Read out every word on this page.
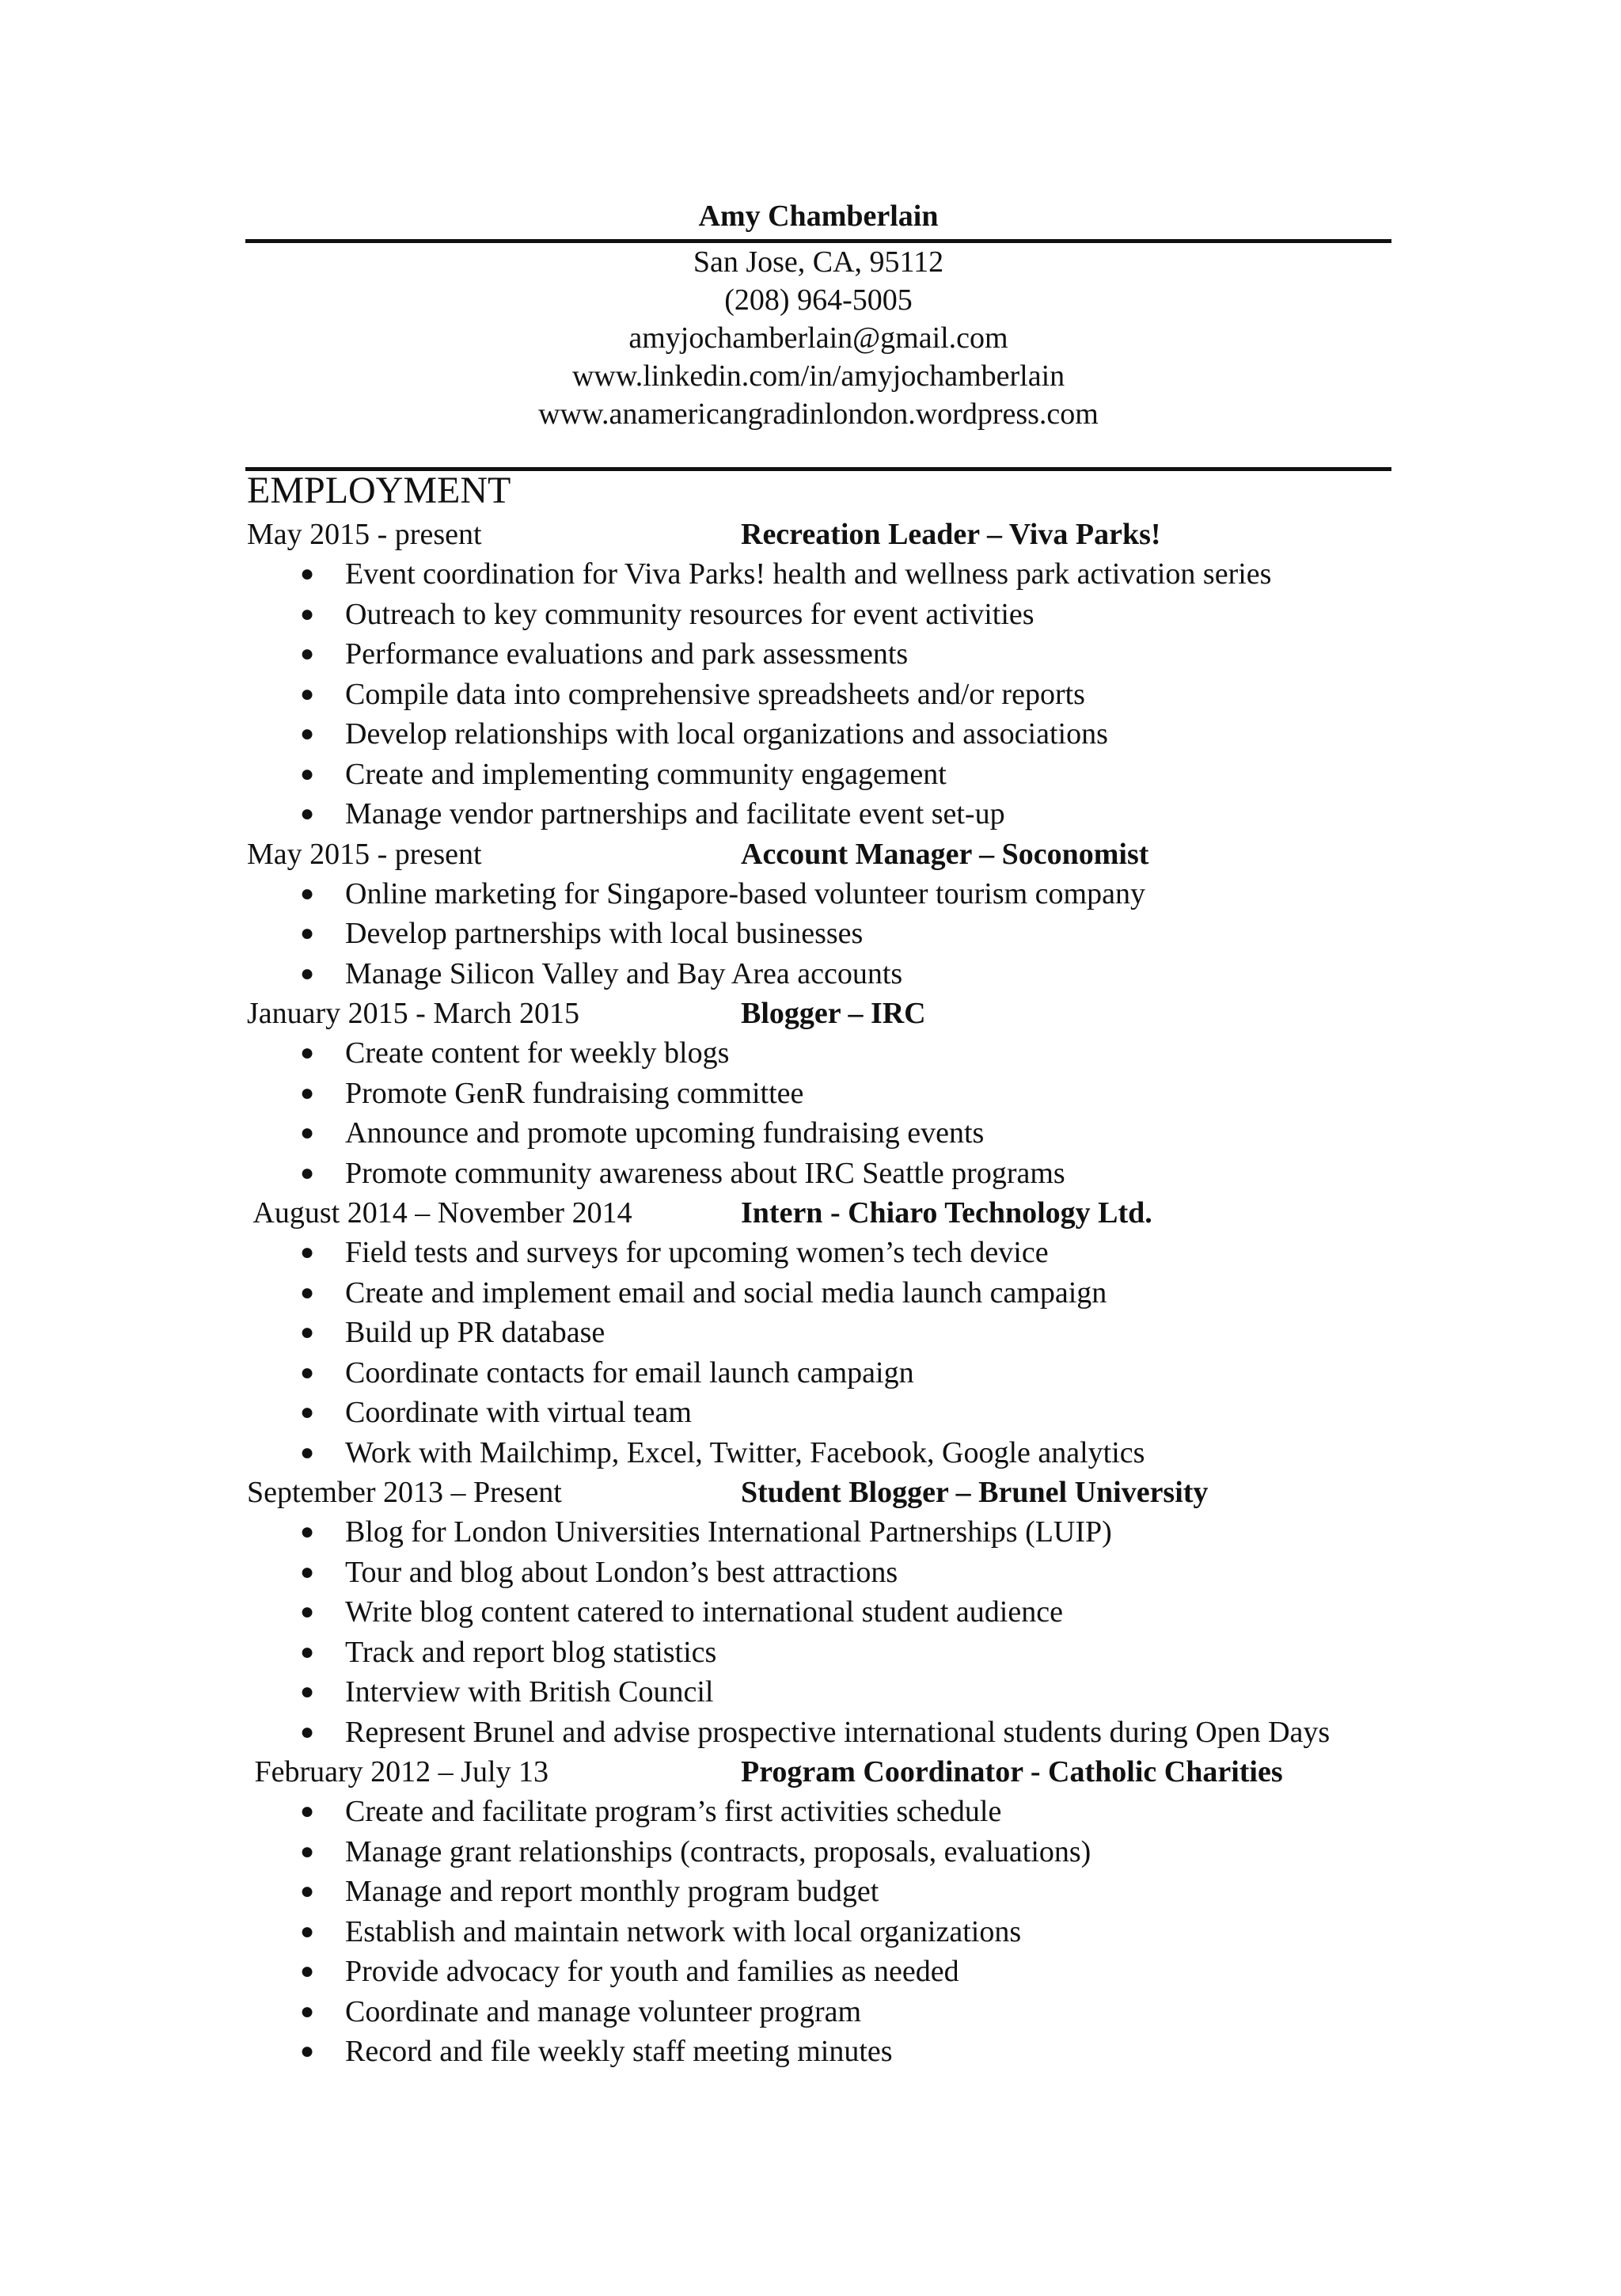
Amy Chamberlain
San Jose, CA, 95112
(208) 964-5005
amyjochamberlain@gmail.com
www.linkedin.com/in/amyjochamberlain
www.anamericangradinlondon.wordpress.com
EMPLOYMENT
May 2015 - present	Recreation Leader – Viva Parks!
● Event coordination for Viva Parks! health and wellness park activation series
● Outreach to key community resources for event activities
● Performance evaluations and park assessments
● Compile data into comprehensive spreadsheets and/or reports
● Develop relationships with local organizations and associations
● Create and implementing community engagement
● Manage vendor partnerships and facilitate event set-up
May 2015 - present	Account Manager – Soconomist
● Online marketing for Singapore-based volunteer tourism company
● Develop partnerships with local businesses
● Manage Silicon Valley and Bay Area accounts
January 2015 - March 2015	Blogger – IRC
● Create content for weekly blogs
● Promote GenR fundraising committee
● Announce and promote upcoming fundraising events
● Promote community awareness about IRC Seattle programs
August 2014 – November 2014	Intern - Chiaro Technology Ltd.
● Field tests and surveys for upcoming women’s tech device
● Create and implement email and social media launch campaign
● Build up PR database
● Coordinate contacts for email launch campaign
● Coordinate with virtual team
● Work with Mailchimp, Excel, Twitter, Facebook, Google analytics
September 2013 – Present	Student Blogger – Brunel University
● Blog for London Universities International Partnerships (LUIP)
● Tour and blog about London’s best attractions
● Write blog content catered to international student audience
● Track and report blog statistics
● Interview with British Council
● Represent Brunel and advise prospective international students during Open Days
February 2012 – July 13	Program Coordinator - Catholic Charities
● Create and facilitate program’s first activities schedule
● Manage grant relationships (contracts, proposals, evaluations)
● Manage and report monthly program budget
● Establish and maintain network with local organizations
● Provide advocacy for youth and families as needed
● Coordinate and manage volunteer program
● Record and file weekly staff meeting minutes
